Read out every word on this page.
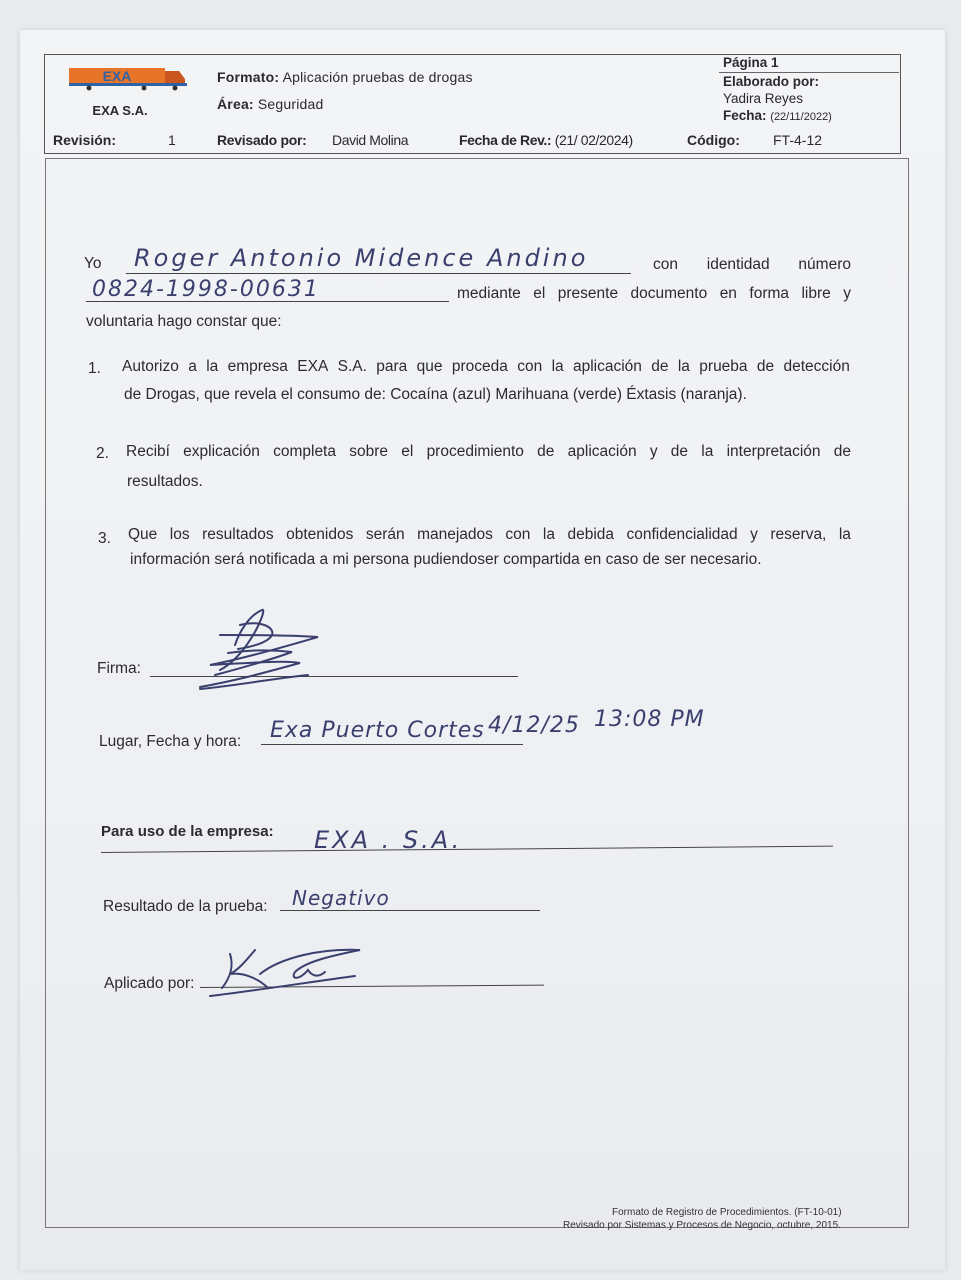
EXA
EXA S.A.
Formato: Aplicación pruebas de drogas
Área: Seguridad
Página 1
Elaborado por:
Yadira Reyes
Fecha: (22/11/2022)
Revisión:	1	Revisado por:	David Molina	Fecha de Rev.: (21/ 02/2024)	Código:	FT-4-12
Yo Roger Antonio Midence Andino	con identidad número
0824-1998-00631	mediante el presente documento en forma libre y
voluntaria hago constar que:
1. Autorizo a la empresa EXA S.A. para que proceda con la aplicación de la prueba de detección
de Drogas, que revela el consumo de: Cocaína (azul) Marihuana (verde) Éxtasis (naranja).
2. Recibí explicación completa sobre el procedimiento de aplicación y de la interpretación de
resultados.
3. Que los resultados obtenidos serán manejados con la debida confidencialidad y reserva, la
información será notificada a mi persona pudiendoser compartida en caso de ser necesario.
Firma:
Lugar, Fecha y hora: Exa Puerto Cortes 4/12/25 13:08 PM
Para uso de la empresa: EXA . S.A.
Resultado de la prueba: Negativo
Aplicado por:
Formato de Registro de Procedimientos. (FT-10-01)
Revisado por Sistemas y Procesos de Negocio, octubre, 2015.
